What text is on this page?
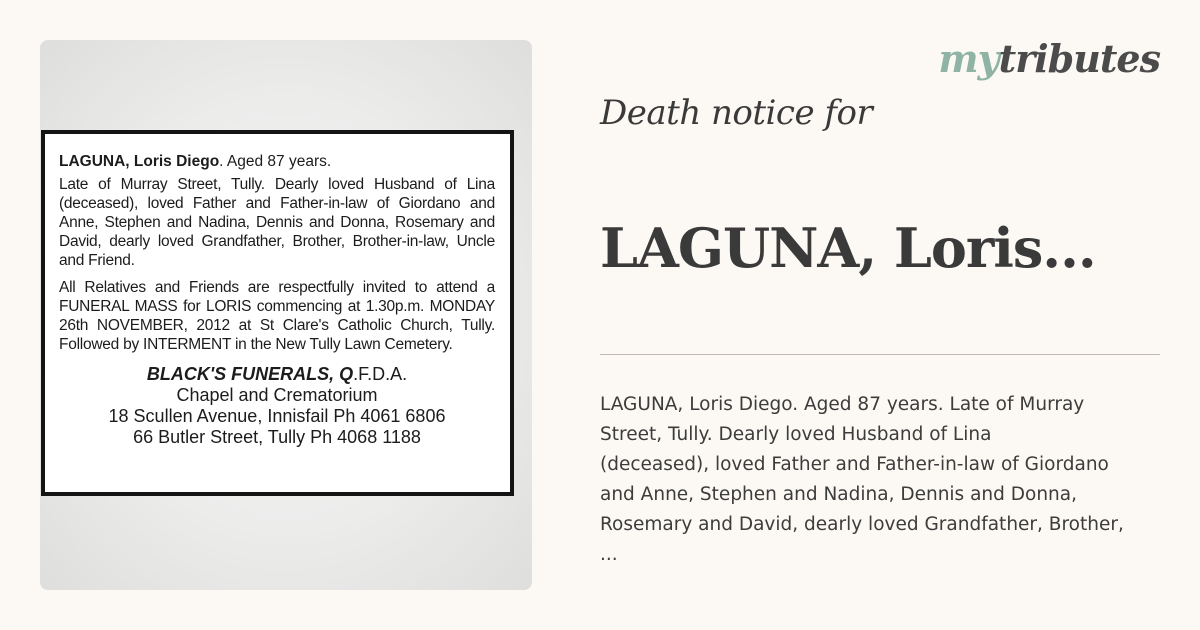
LAGUNA, Loris Diego. Aged 87 years.

Late of Murray Street, Tully. Dearly loved Husband of Lina (deceased), loved Father and Father-in-law of Giordano and Anne, Stephen and Nadina, Dennis and Donna, Rosemary and David, dearly loved Grandfather, Brother, Brother-in-law, Uncle and Friend.

All Relatives and Friends are respectfully invited to attend a FUNERAL MASS for LORIS commencing at 1.30p.m. MONDAY 26th NOVEMBER, 2012 at St Clare's Catholic Church, Tully. Followed by INTERMENT in the New Tully Lawn Cemetery.

BLACK'S FUNERALS, Q.F.D.A.
Chapel and Crematorium
18 Scullen Avenue, Innisfail Ph 4061 6806
66 Butler Street, Tully Ph 4068 1188
mytributes
Death notice for
LAGUNA, Loris...
LAGUNA, Loris Diego. Aged 87 years. Late of Murray
Street, Tully. Dearly loved Husband of Lina
(deceased), loved Father and Father-in-law of Giordano
and Anne, Stephen and Nadina, Dennis and Donna,
Rosemary and David, dearly loved Grandfather, Brother,
...
